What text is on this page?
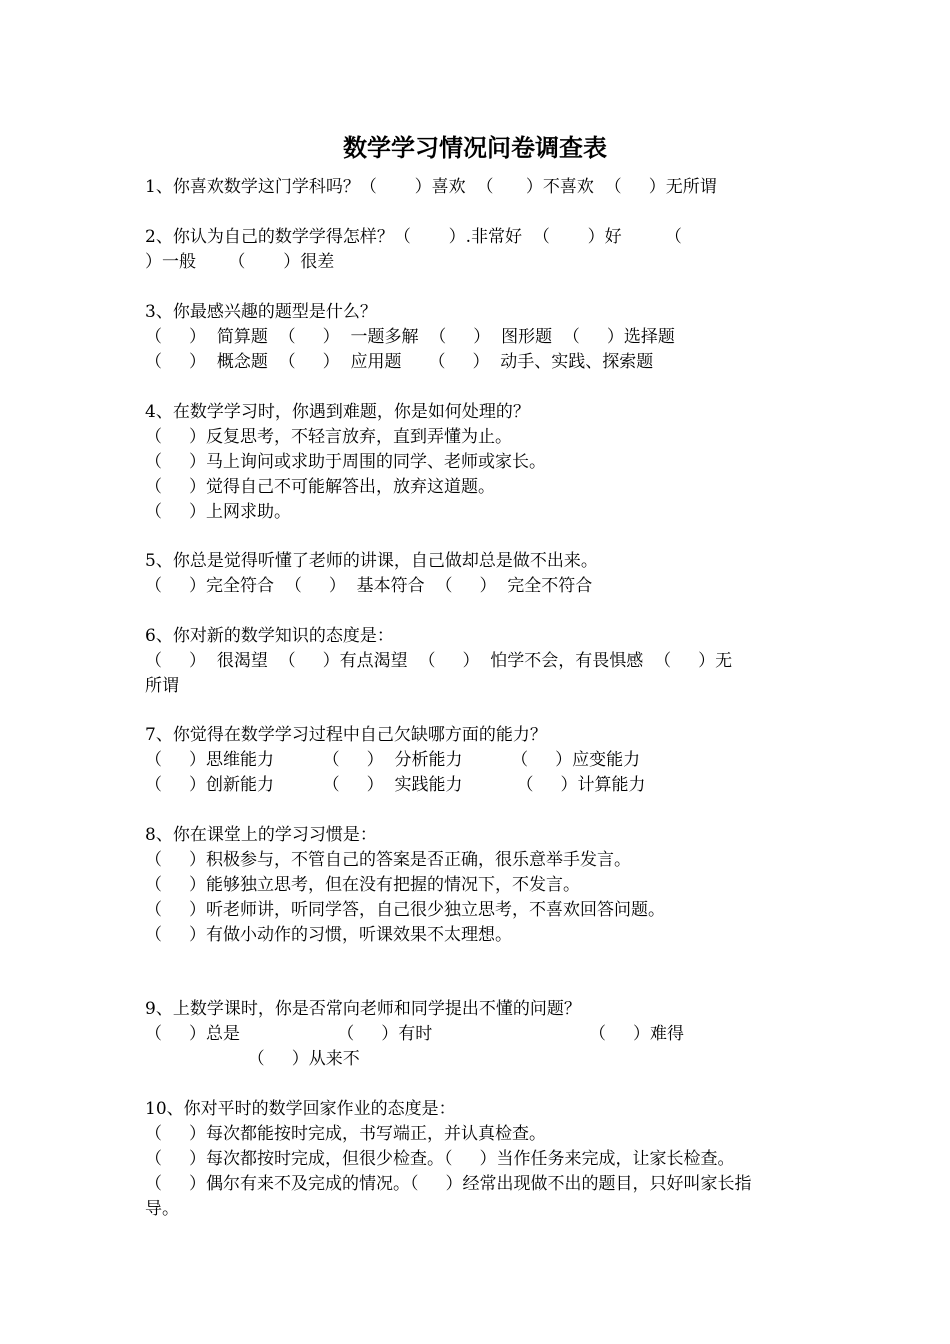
数学学习情况问卷调查表
1、你喜欢数学这门学科吗？（       ）喜欢  （      ）不喜欢  （     ）无所谓
2、你认为自己的数学学得怎样？（       ）.非常好  （       ）好        （
）一般      （       ）很差
3、你最感兴趣的题型是什么？
（     ）  简算题  （     ）  一题多解  （     ）  图形题  （     ）选择题
（     ）  概念题  （     ）  应用题     （     ）  动手、实践、探索题
4、在数学学习时，你遇到难题，你是如何处理的？
（     ）反复思考，不轻言放弃，直到弄懂为止。
（     ）马上询问或求助于周围的同学、老师或家长。
（     ）觉得自己不可能解答出，放弃这道题。
（     ）上网求助。
5、你总是觉得听懂了老师的讲课，自己做却总是做不出来。
（     ）完全符合  （     ）  基本符合  （     ）  完全不符合
6、你对新的数学知识的态度是：
（     ）  很渴望  （     ）有点渴望  （     ）  怕学不会，有畏惧感  （     ）无
所谓
7、你觉得在数学学习过程中自己欠缺哪方面的能力？
（     ）思维能力         （     ）  分析能力         （     ）应变能力
（     ）创新能力         （     ）  实践能力          （     ）计算能力
8、你在课堂上的学习习惯是：
（     ）积极参与，不管自己的答案是否正确，很乐意举手发言。
（     ）能够独立思考，但在没有把握的情况下，不发言。
（     ）听老师讲，听同学答，自己很少独立思考，不喜欢回答问题。
（     ）有做小动作的习惯，听课效果不太理想。
9、上数学课时，你是否常向老师和同学提出不懂的问题？
（     ）总是                  （     ）有时                             （     ）难得
（     ）从来不
10、你对平时的数学回家作业的态度是：
（     ）每次都能按时完成，书写端正，并认真检查。
（     ）每次都按时完成，但很少检查。（     ）当作任务来完成，让家长检查。
（     ）偶尔有来不及完成的情况。（     ）经常出现做不出的题目，只好叫家长指
导。
